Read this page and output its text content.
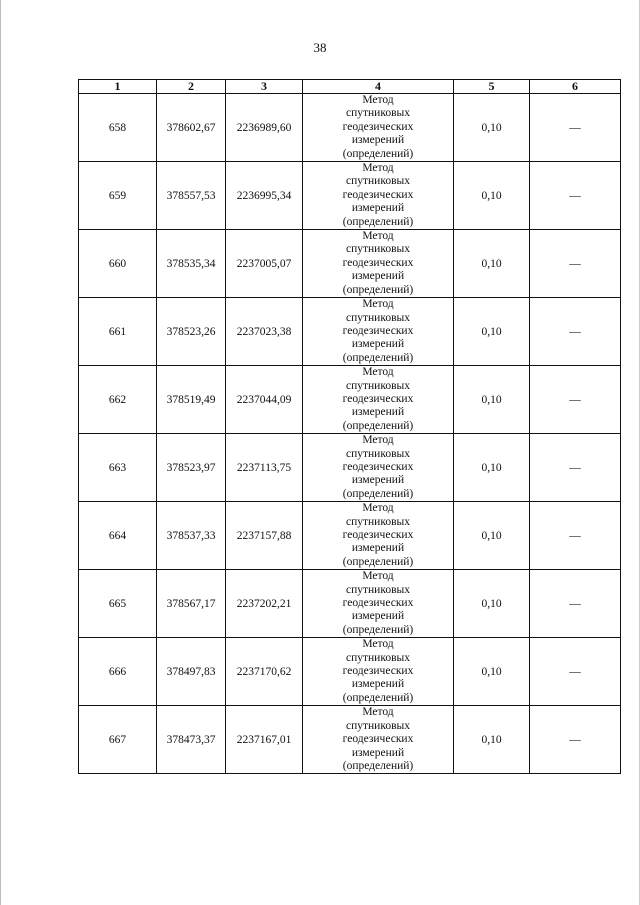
38
1	2	3	4	5	6
658	378602,67	2236989,60	Метод
спутниковых
геодезических
измерений
(определений)	0,10	—
659	378557,53	2236995,34	Метод
спутниковых
геодезических
измерений
(определений)	0,10	—
660	378535,34	2237005,07	Метод
спутниковых
геодезических
измерений
(определений)	0,10	—
661	378523,26	2237023,38	Метод
спутниковых
геодезических
измерений
(определений)	0,10	—
662	378519,49	2237044,09	Метод
спутниковых
геодезических
измерений
(определений)	0,10	—
663	378523,97	2237113,75	Метод
спутниковых
геодезических
измерений
(определений)	0,10	—
664	378537,33	2237157,88	Метод
спутниковых
геодезических
измерений
(определений)	0,10	—
665	378567,17	2237202,21	Метод
спутниковых
геодезических
измерений
(определений)	0,10	—
666	378497,83	2237170,62	Метод
спутниковых
геодезических
измерений
(определений)	0,10	—
667	378473,37	2237167,01	Метод
спутниковых
геодезических
измерений
(определений)	0,10	—
